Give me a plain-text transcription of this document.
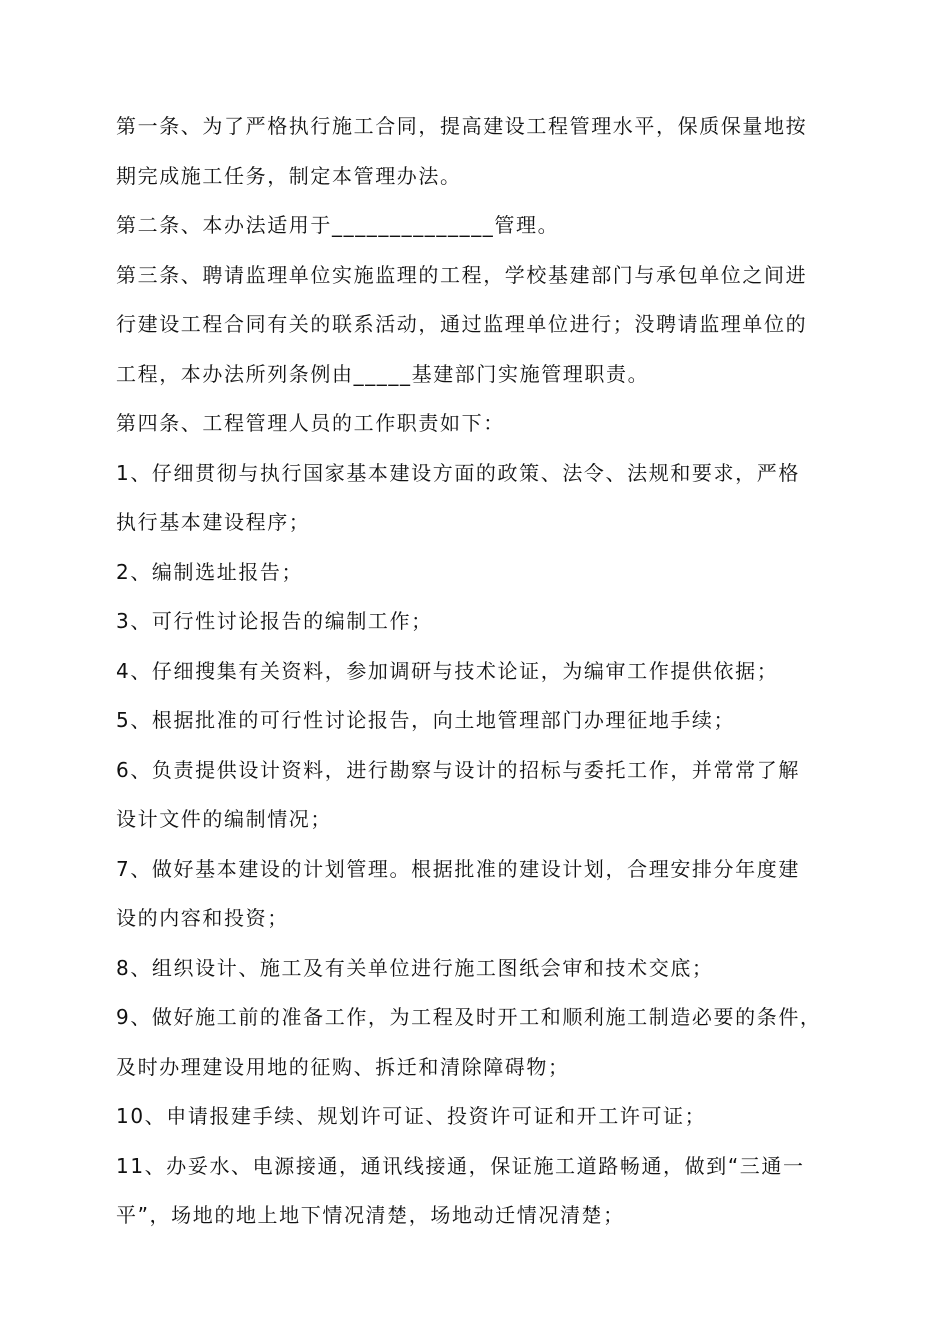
第一条、为了严格执行施工合同，提高建设工程管理水平，保质保量地按
期完成施工任务，制定本管理办法。
第二条、本办法适用于______________管理。
第三条、聘请监理单位实施监理的工程，学校基建部门与承包单位之间进
行建设工程合同有关的联系活动，通过监理单位进行；没聘请监理单位的
工程，本办法所列条例由_____基建部门实施管理职责。
第四条、工程管理人员的工作职责如下：
1、仔细贯彻与执行国家基本建设方面的政策、法令、法规和要求，严格
执行基本建设程序；
2、编制选址报告；
3、可行性讨论报告的编制工作；
4、仔细搜集有关资料，参加调研与技术论证，为编审工作提供依据；
5、根据批准的可行性讨论报告，向土地管理部门办理征地手续；
6、负责提供设计资料，进行勘察与设计的招标与委托工作，并常常了解
设计文件的编制情况；
7、做好基本建设的计划管理。根据批准的建设计划，合理安排分年度建
设的内容和投资；
8、组织设计、施工及有关单位进行施工图纸会审和技术交底；
9、做好施工前的准备工作，为工程及时开工和顺利施工制造必要的条件，
及时办理建设用地的征购、拆迁和清除障碍物；
10、申请报建手续、规划许可证、投资许可证和开工许可证；
11、办妥水、电源接通，通讯线接通，保证施工道路畅通，做到“三通一
平”，场地的地上地下情况清楚，场地动迁情况清楚；
